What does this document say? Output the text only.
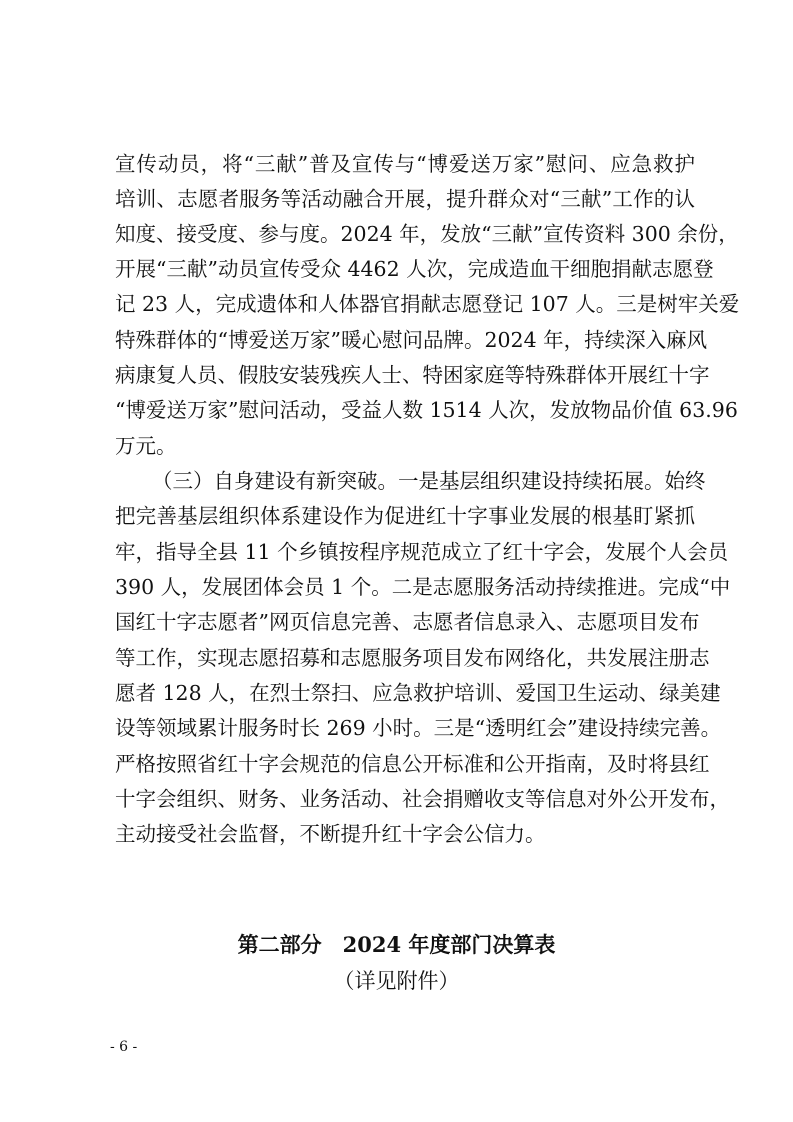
宣传动员，将“三献”普及宣传与“博爱送万家”慰问、应急救护
培训、志愿者服务等活动融合开展，提升群众对“三献”工作的认
知度、接受度、参与度。2024 年，发放“三献”宣传资料 300 余份，
开展“三献”动员宣传受众 4462 人次，完成造血干细胞捐献志愿登
记 23 人，完成遗体和人体器官捐献志愿登记 107 人。三是树牢关爱
特殊群体的“博爱送万家”暖心慰问品牌。2024 年，持续深入麻风
病康复人员、假肢安装残疾人士、特困家庭等特殊群体开展红十字
“博爱送万家”慰问活动，受益人数 1514 人次，发放物品价值 63.96
万元。
（三）自身建设有新突破。一是基层组织建设持续拓展。始终
把完善基层组织体系建设作为促进红十字事业发展的根基盯紧抓
牢，指导全县 11 个乡镇按程序规范成立了红十字会，发展个人会员
390 人，发展团体会员 1 个。二是志愿服务活动持续推进。完成“中
国红十字志愿者”网页信息完善、志愿者信息录入、志愿项目发布
等工作，实现志愿招募和志愿服务项目发布网络化，共发展注册志
愿者 128 人，在烈士祭扫、应急救护培训、爱国卫生运动、绿美建
设等领域累计服务时长 269 小时。三是“透明红会”建设持续完善。
严格按照省红十字会规范的信息公开标准和公开指南，及时将县红
十字会组织、财务、业务活动、社会捐赠收支等信息对外公开发布，
主动接受社会监督，不断提升红十字会公信力。
第二部分　2024 年度部门决算表
（详见附件）
- 6 -
